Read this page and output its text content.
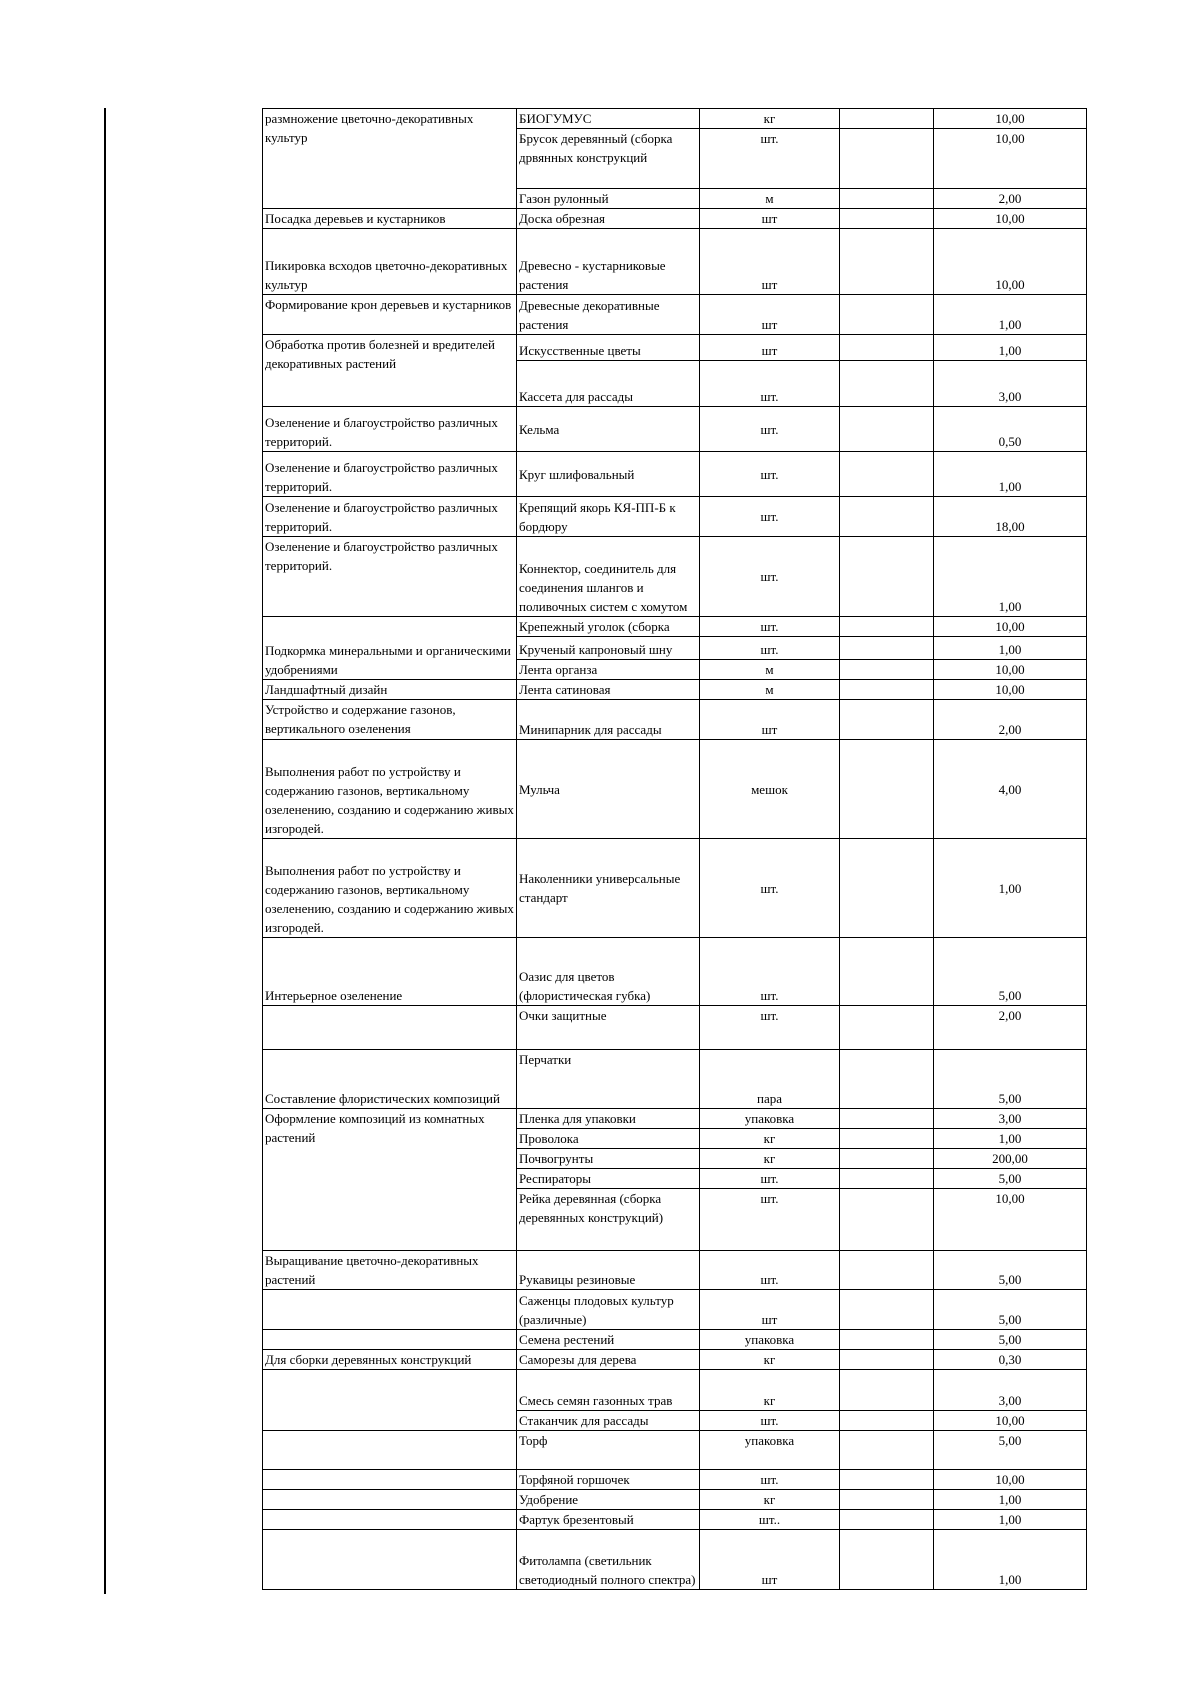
размножение цветочно-декоративных культур	БИОГУМУС	кг		10,00
	Брусок деревянный (сборка дрвянных конструкций	шт.		10,00
	Газон рулонный	м		2,00
Посадка деревьев и кустарников	Доска обрезная	шт		10,00
Пикировка всходов цветочно-декоративных культур	Древесно - кустарниковые растения	шт		10,00
Формирование крон деревьев и кустарников	Древесные декоративные растения	шт		1,00
Обработка против болезней и вредителей декоративных растений	Искусственные цветы	шт		1,00
	Кассета для рассады	шт.		3,00
Озеленение и благоустройство различных территорий.	Кельма	шт.		0,50
Озеленение и благоустройство различных территорий.	Круг шлифовальный	шт.		1,00
Озеленение и благоустройство различных территорий.	Крепящий якорь КЯ-ПП-Б к бордюру	шт.		18,00
Озеленение и благоустройство различных территорий.	Коннектор, соединитель для соединения шлангов и поливочных систем с хомутом	шт.		1,00
Подкормка минеральными и органическими удобрениями	Крепежный уголок (сборка	шт.		10,00
	Крученый капроновый шну	шт.		1,00
	Лента органза	м		10,00
Ландшафтный дизайн	Лента сатиновая	м		10,00
Устройство и содержание газонов, вертикального озеленения	Минипарник для рассады	шт		2,00
Выполнения работ по устройству и содержанию газонов, вертикальному озеленению, созданию и содержанию живых изгородей.	Мульча	мешок		4,00
Выполнения работ по устройству и содержанию газонов, вертикальному озеленению, созданию и содержанию живых изгородей.	Наколенники универсальные стандарт	шт.		1,00
Интерьерное озеленение	Оазис для цветов (флористическая губка)	шт.		5,00
	Очки защитные	шт.		2,00
Составление флористических композиций	Перчатки	пара		5,00
Оформление композиций из комнатных растений	Пленка для упаковки	упаковка		3,00
	Проволока	кг		1,00
	Почвогрунты	кг		200,00
	Респираторы	шт.		5,00
	Рейка деревянная (сборка деревянных конструкций)	шт.		10,00
Выращивание цветочно-декоративных растений	Рукавицы резиновые	шт.		5,00
	Саженцы плодовых культур (различные)	шт		5,00
	Семена рестений	упаковка		5,00
Для сборки деревянных конструкций	Саморезы для дерева	кг		0,30
	Смесь семян газонных трав	кг		3,00
	Стаканчик для рассады	шт.		10,00
	Торф	упаковка		5,00
	Торфяной горшочек	шт.		10,00
	Удобрение	кг		1,00
	Фартук брезентовый	шт..		1,00
	Фитолампа (светильник светодиодный полного спектра)	шт		1,00
